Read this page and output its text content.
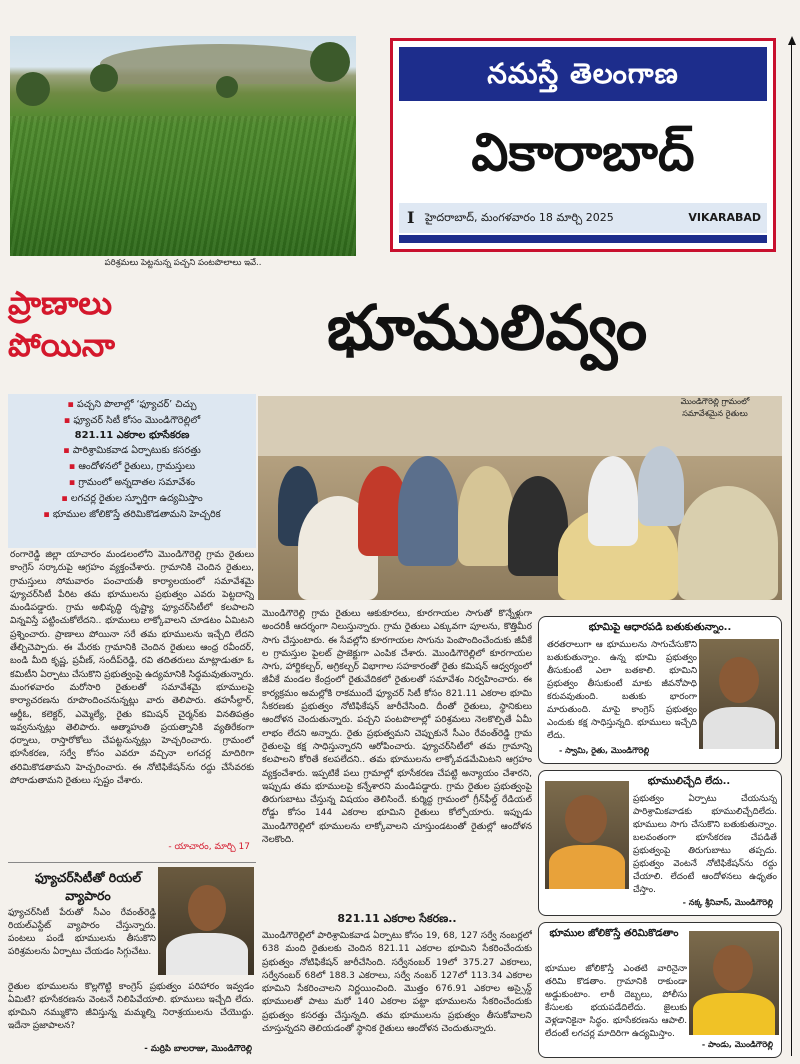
పరిశ్రమలు పెట్టనున్న పచ్చని పంటపొలాలు ఇవే..
నమస్తే తెలంగాణ
వికారాబాద్
I హైదరాబాద్, మంగళవారం 18 మార్చి 2025	VIKARABAD
ప్రాణాలు
పోయినా	భూములివ్వం
▪ పచ్చని పొలాల్లో ‘ఫ్యూచర్’ చిచ్చు
▪ ఫ్యూచర్ సిటీ కోసం మొండిగౌరెల్లిలో
821.11 ఎకరాల భూసేకరణ
▪ పారిశ్రామికవాడ ఏర్పాటుకు కసరత్తు
▪ ఆందోళనలో రైతులు, గ్రామస్తులు
▪ గ్రామంలో అన్నదాతల సమావేశం
▪ లగచర్ల రైతుల స్ఫూర్తిగా ఉద్యమిస్తాం
▪ భూముల జోలికొస్తే తరిమికొడతామని హెచ్చరిక
రంగారెడ్డి జిల్లా యాచారం మండలంలోని మొండిగౌరెల్లి గ్రామ రైతులు కాంగ్రెస్ సర్కారుపై ఆగ్రహం వ్యక్తంచేశారు. గ్రామానికి చెందిన రైతులు, గ్రామస్తులు సోమవారం పంచాయతీ కార్యాలయంలో సమావేశమై ఫ్యూచర్‌సిటీ పేరిట తమ భూములను ప్రభుత్వం ఎవరు పెట్టదాన్ని మండిపడ్డారు. గ్రామ అభివృద్ధి దృష్ట్యా ఫ్యూచర్‌సిటీలో కలపాలని విన్నవిస్తే పట్టించుకోలేదని.. భూములు లాక్కోవాలని చూడటం ఏమిటని ప్రశ్నించారు. ప్రాణాలు పోయినా సరే తమ భూములను ఇచ్చేది లేదని తేల్చిచెప్పారు. ఈ మేరకు గ్రామానికి చెందిన రైతులు ఆంధ్ర రవీందర్, బండి మీది కృష్ణ, ప్రవీణ్, సందీప్‌రెడ్డి, రవి తదితరులు మాట్లాడుతూ ఓ కమిటీని ఏర్పాటు చేసుకొని ప్రభుత్వంపై ఉద్యమానికి సిద్ధమవుతున్నారు. మంగళవారం మరోసారి రైతులతో సమావేశమై భూములపై కార్యాచరణను రూపొందించనున్నట్లు వారు తెలిపారు. తహసీల్దార్, ఆర్డీఓ, కలెక్టర్, ఎమ్మెల్యే, రైతు కమిషన్ చైర్మన్‌కు వినతిపత్రం ఇవ్వనున్నట్లు తెలిపారు. ఆత్మాహుతి ప్రయత్నానికి వ్యతిరేకంగా ధర్నాలు, రాస్తారోకోలు చేపట్టనున్నట్లు హెచ్చరించారు. గ్రామంలో భూసేకరణ, సర్వే కోసం ఎవరూ వచ్చినా లగచర్ల మాదిరిగా తరిమికొడతామని హెచ్చరించారు. ఈ నోటిఫికేషన్‌ను రద్దు చేసేవరకు పోరాడుతామని రైతులు స్పష్టం చేశారు.
- యాచారం, మార్చి 17
ఫ్యూచర్‌సిటీతో రియల్ వ్యాపారం
ఫ్యూచర్‌సిటీ పేరుతో సీఎం రేవంత్‌రెడ్డి రియల్‌ఎస్టేట్ వ్యాపారం చేస్తున్నారు. పంటలు పండే భూములను తీసుకొని పరిశ్రమలను ఏర్పాటు చేయడం సిగ్గుచేటు.
రైతుల భూములను కొల్లగొట్టి కాంగ్రెస్ ప్రభుత్వం పరిహారం ఇవ్వడం ఏమిటి? భూసేకరణను వెంటనే నిలిపివేయాలి. భూములు ఇచ్చేది లేదు. భూమిని నమ్ముకొని జీవిస్తున్న మమ్మల్ని నిరాశ్రయులను చేయొద్దు. ఇదేనా ప్రజాపాలన?
- మర్రిపి బాలరాజు, మొండిగౌరెల్లి
మొండిగౌరెల్లి గ్రామంలో సమావేశమైన రైతులు
మొండిగౌరెల్లి గ్రామ రైతులు ఆకుకూరలు, కూరగాయల సాగుతో కొన్నేళ్లుగా అందరికీ ఆదర్శంగా నిలుస్తున్నారు. గ్రామ రైతులు ఎక్కువగా పూలను, కొత్తిమీర సాగు చేస్తుంటారు. ఈ సేవల్లోని కూరగాయల సాగును పెంపొందించేందుకు జీవీకే ల గ్రామస్తుల పైలట్ ప్రాజెక్టుగా ఎంపిక చేశారు. మొండిగౌరెల్లిలో కూరగాయల సాగు, హార్టికల్చర్, అగ్రికల్చర్ విభాగాల సహకారంతో రైతు కమిషన్ ఆధ్వర్యంలో జీవీకే మండల కేంద్రంలో రైతువేదికలో రైతులతో సమావేశం నిర్వహించారు. ఈ కార్యక్రమం అమల్లోకి రాకముందే ఫ్యూచర్ సిటీ కోసం 821.11 ఎకరాల భూమి సేకరణకు ప్రభుత్వం నోటిఫికేషన్ జారీచేసింది. దీంతో రైతులు, స్థానికులు ఆందోళన చెందుతున్నారు. పచ్చని పంటపొలాల్లో పరిశ్రమలు నెలకొల్పితే ఏమీ లాభం లేదని అన్నారు. రైతు ప్రభుత్వమని చెప్పుకునే సీఎం రేవంత్‌రెడ్డి గ్రామ రైతులపై కక్ష సాధిస్తున్నారని ఆరోపించారు. ఫ్యూచర్‌సిటీలో తమ గ్రామాన్ని కలపాలని కోరితే కలపలేదని.. తమ భూములను లాక్కోవడమేమిటని ఆగ్రహం వ్యక్తంచేశారు. ఇప్పటికే పలు గ్రామాల్లో భూసేకరణ చేపట్టి అన్యాయం చేశారని, ఇప్పుడు తమ భూములపై కన్నేశారని మండిపడ్డారు. గ్రామ రైతుల ప్రభుత్వంపై తిరుగుబాటు చేస్తున్న విషయం తెలిసిందే. కుర్మిద్ద గ్రామంలో గ్రీన్‌ఫీల్డ్ రేడియల్ రోడ్డు కోసం 144 ఎకరాల భూమిని రైతులు కోల్పోయారు. ఇప్పుడు మొండిగౌరెల్లిలో భూములను లాక్కోవాలని చూస్తుండటంతో రైతుల్లో ఆందోళన నెలకొంది.
821.11 ఎకరాల సేకరణ..
మొండిగౌరెల్లిలో పారిశ్రామికవాడ ఏర్పాటు కోసం 19, 68, 127 సర్వే నంబర్లలో 638 మంది రైతులకు చెందిన 821.11 ఎకరాల భూమిని సేకరించేందుకు ప్రభుత్వం నోటిఫికేషన్ జారీచేసింది. సర్వేనంబర్ 19లో 375.27 ఎకరాలు, సర్వేనంబర్ 68లో 188.3 ఎకరాలు, సర్వే నంబర్ 127లో 113.34 ఎకరాల భూమిని సేకరించాలని నిర్ణయించింది. మొత్తం 676.91 ఎకరాల అస్సైన్డ్ భూములతో పాటు మరో 140 ఎకరాల పట్టా భూములను సేకరించేందుకు ప్రభుత్వం కసరత్తు చేస్తున్నది. తమ భూములను ప్రభుత్వం తీసుకోవాలని చూస్తున్నదని తెలియడంతో స్థానిక రైతులు ఆందోళన చెందుతున్నారు.
భూమిపై ఆధారపడి బతుకుతున్నాం..
తరతరాలుగా ఆ భూములను సాగుచేసుకొని బతుకుతున్నాం. ఉన్న భూమి ప్రభుత్వం తీసుకుంటే ఎలా బతకాలి. భూమిని ప్రభుత్వం తీసుకుంటే మాకు జీవనోపాధి కరువవుతుంది. బతుకు భారంగా మారుతుంది. మాపై కాంగ్రెస్ ప్రభుత్వం ఎందుకు కక్ష సాధిస్తున్నది. భూములు ఇచ్చేది లేదు.
- స్వామి, రైతు, మొండిగౌరెల్లి
భూములిచ్చేది లేదు..
ప్రభుత్వం ఏర్పాటు చేయనున్న పారిశ్రామికవాడకు భూములిచ్చేదిలేదు. భూములు సాగు చేసుకొని బతుకుతున్నాం. బలవంతంగా భూసేకరణ చేపడితే ప్రభుత్వంపై తిరుగుబాటు తప్పదు. ప్రభుత్వం వెంటనే నోటిఫికేషన్‌ను రద్దు చేయాలి. లేదంటే ఆందోళనలు ఉధృతం చేస్తాం.
- నక్క శ్రీనివాస్, మొండిగౌరెల్లి
భూముల జోలికొస్తే తరిమికొడతాం
భూముల జోలికొస్తే ఎంతటి వారినైనా తరిమి కొడతాం. గ్రామానికి రాకుండా అడ్డుకుంటాం. లాఠీ దెబ్బలు, పోలీసు కేసులకు భయపడేదిలేదు. జైలుకు వెళ్లడానికైనా సిద్ధం. భూసేకరణను ఆపాలి. లేదంటే లగచర్ల మాదిరిగా ఉద్యమిస్తాం.
- పాండు, మొండిగౌరెల్లి
